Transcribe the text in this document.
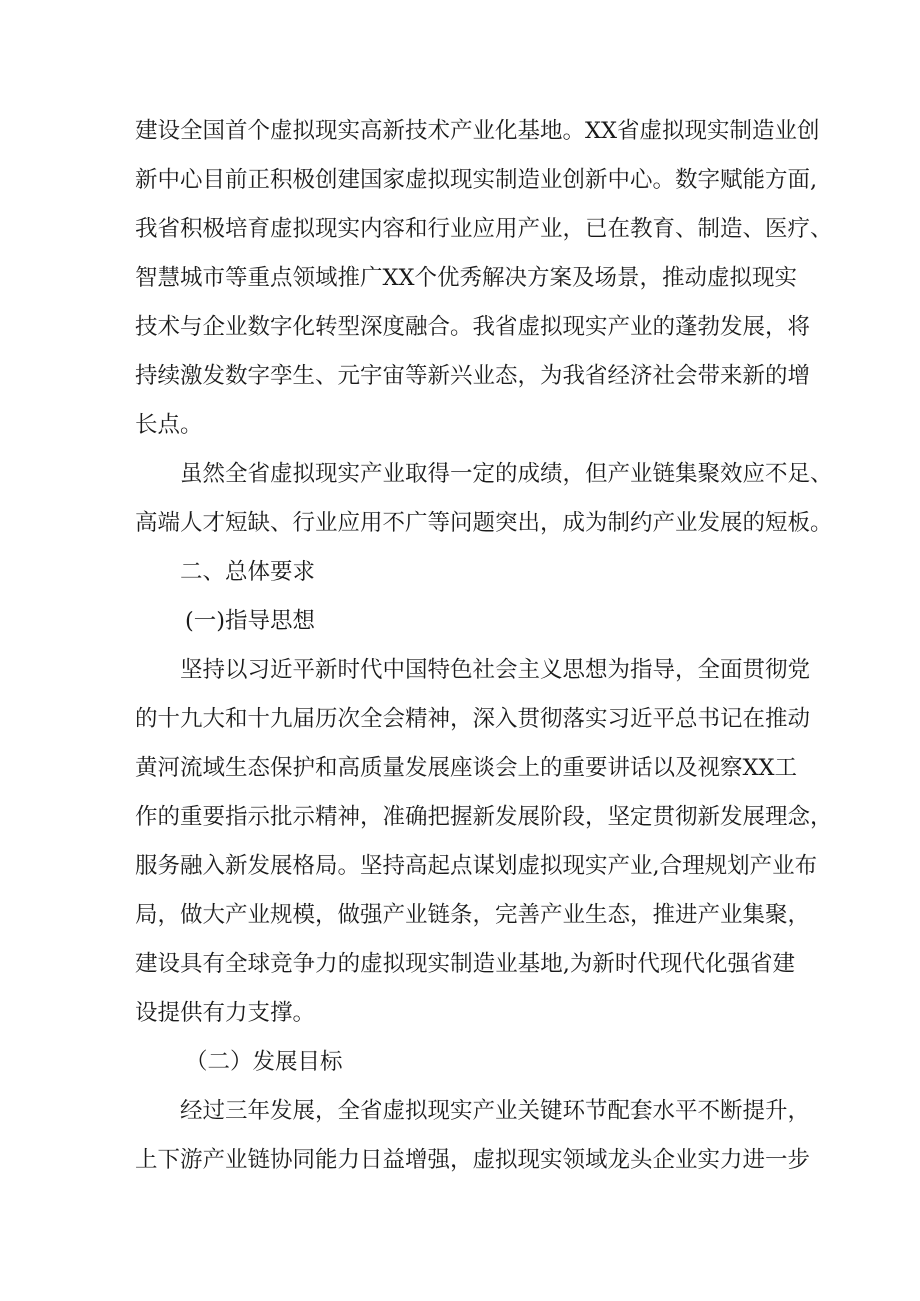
建设全国首个虚拟现实高新技术产业化基地。XX省虚拟现实制造业创
新中心目前正积极创建国家虚拟现实制造业创新中心。数字赋能方面,
我省积极培育虚拟现实内容和行业应用产业，已在教育、制造、医疗、
智慧城市等重点领域推广XX个优秀解决方案及场景，推动虚拟现实
技术与企业数字化转型深度融合。我省虚拟现实产业的蓬勃发展，将
持续激发数字孪生、元宇宙等新兴业态，为我省经济社会带来新的增
长点。
虽然全省虚拟现实产业取得一定的成绩，但产业链集聚效应不足、
高端人才短缺、行业应用不广等问题突出，成为制约产业发展的短板。
二、总体要求
(一)指导思想
坚持以习近平新时代中国特色社会主义思想为指导，全面贯彻党
的十九大和十九届历次全会精神，深入贯彻落实习近平总书记在推动
黄河流域生态保护和高质量发展座谈会上的重要讲话以及视察XX工
作的重要指示批示精神，准确把握新发展阶段，坚定贯彻新发展理念，
服务融入新发展格局。坚持高起点谋划虚拟现实产业,合理规划产业布
局，做大产业规模，做强产业链条，完善产业生态，推进产业集聚，
建设具有全球竞争力的虚拟现实制造业基地,为新时代现代化强省建
设提供有力支撑。
（二）发展目标
经过三年发展，全省虚拟现实产业关键环节配套水平不断提升，
上下游产业链协同能力日益增强，虚拟现实领域龙头企业实力进一步
